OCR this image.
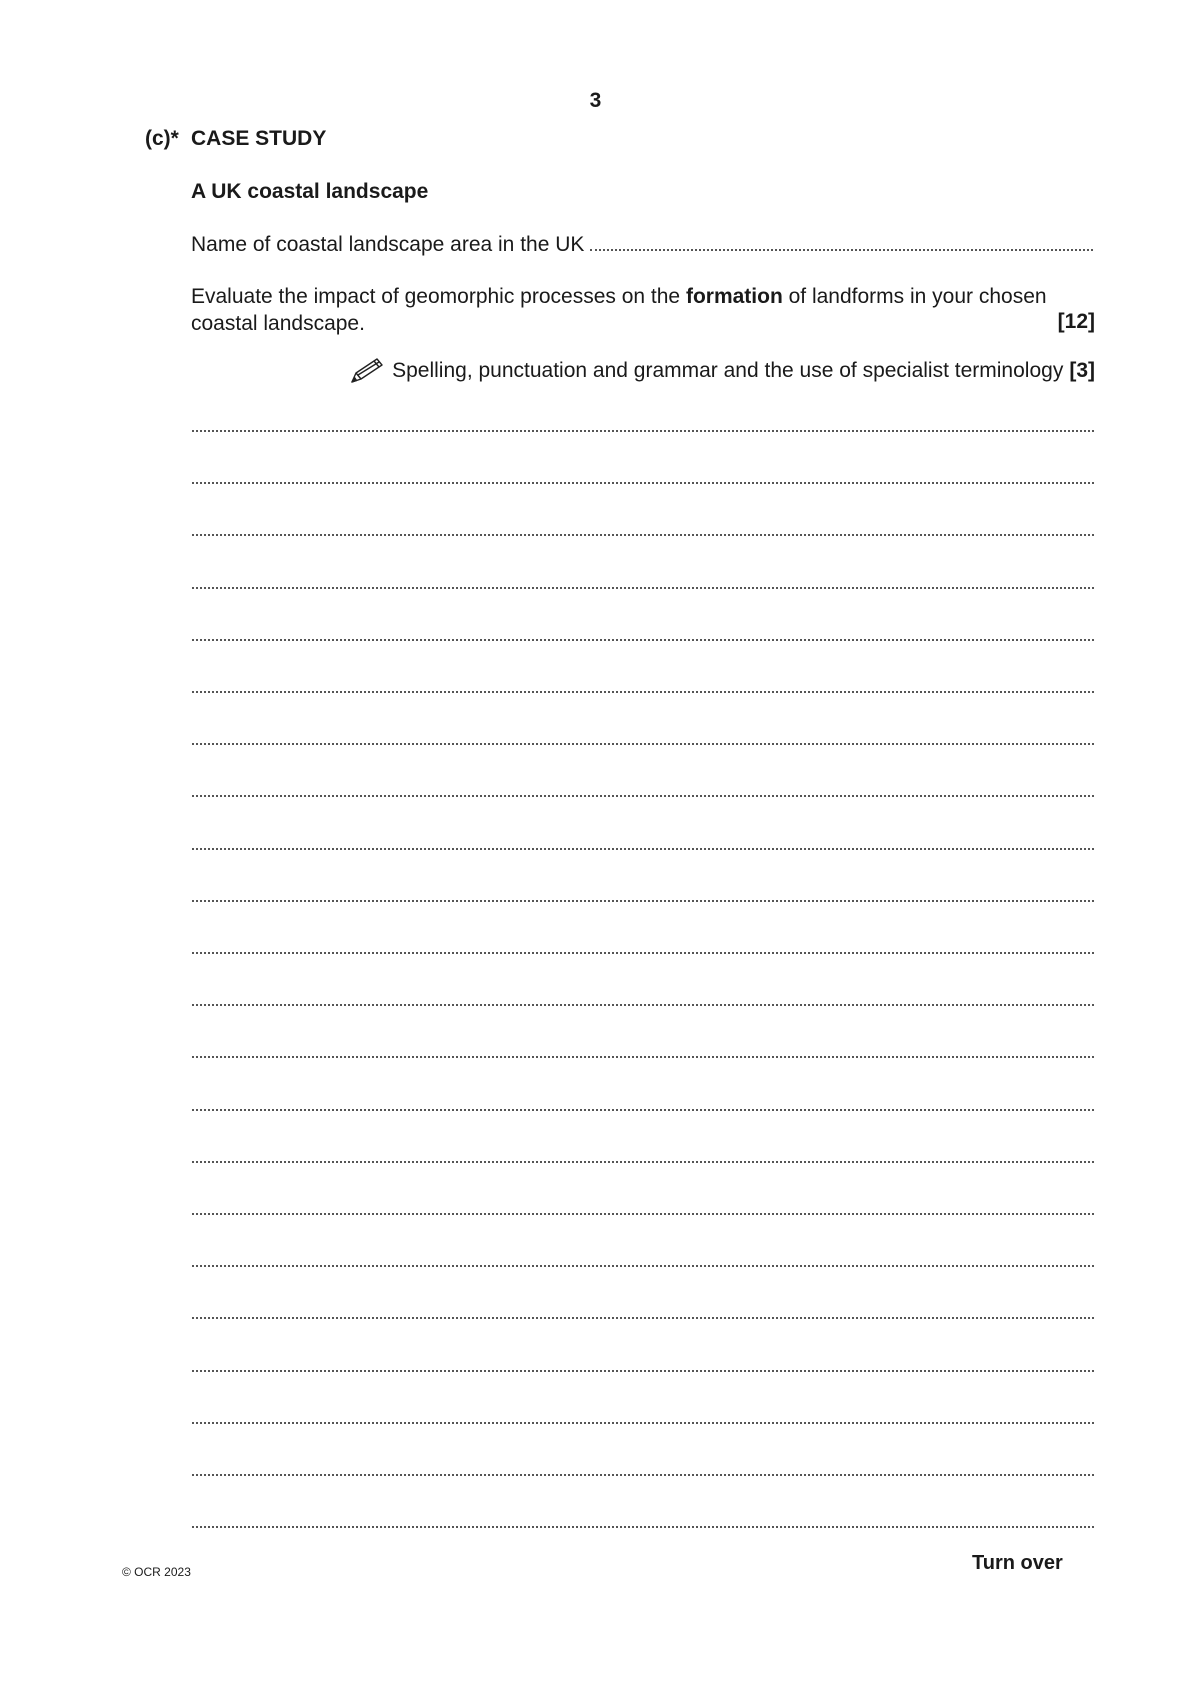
3
(c)* CASE STUDY
A UK coastal landscape
Name of coastal landscape area in the UK
Evaluate the impact of geomorphic processes on the formation of landforms in your chosen coastal landscape.	[12]
Spelling, punctuation and grammar and the use of specialist terminology [3]
© OCR 2023	Turn over
